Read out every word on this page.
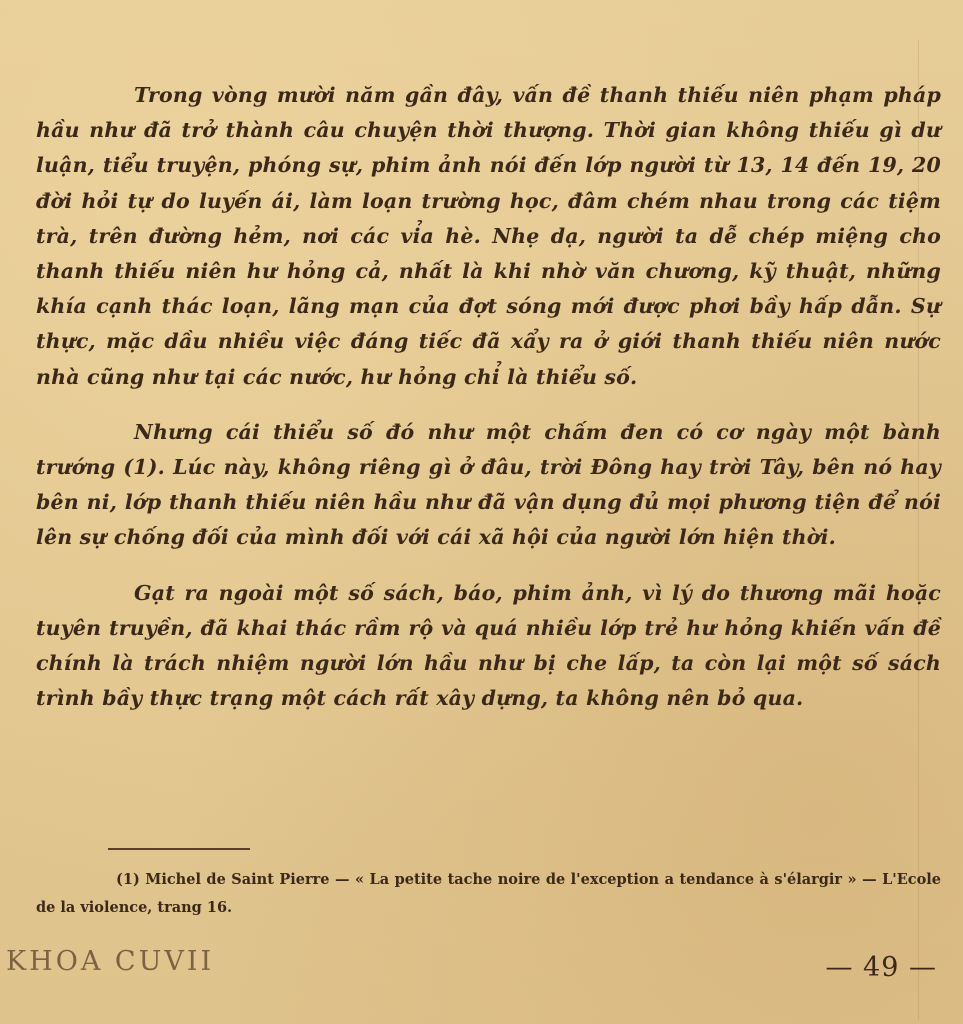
Trong vòng mười năm gần đây, vấn đề thanh thiếu niên phạm pháp hầu như đã trở thành câu chuyện thời thượng. Thời gian không thiếu gì dư luận, tiểu truyện, phóng sự, phim ảnh nói đến lớp người từ 13, 14 đến 19, 20 đời hỏi tự do luyến ái, làm loạn trường học, đâm chém nhau trong các tiệm trà, trên đường hẻm, nơi các vỉa hè. Nhẹ dạ, người ta dễ chép miệng cho thanh thiếu niên hư hỏng cả, nhất là khi nhờ văn chương, kỹ thuật, những khía cạnh thác loạn, lãng mạn của đợt sóng mới được phơi bầy hấp dẫn. Sự thực, mặc dầu nhiều việc đáng tiếc đã xẩy ra ở giới thanh thiếu niên nước nhà cũng như tại các nước, hư hỏng chỉ là thiểu số.

Nhưng cái thiểu số đó như một chấm đen có cơ ngày một bành trướng (1). Lúc này, không riêng gì ở đâu, trời Đông hay trời Tây, bên nó hay bên ni, lớp thanh thiếu niên hầu như đã vận dụng đủ mọi phương tiện để nói lên sự chống đối của mình đối với cái xã hội của người lớn hiện thời.

Gạt ra ngoài một số sách, báo, phim ảnh, vì lý do thương mãi hoặc tuyên truyền, đã khai thác rầm rộ và quá nhiều lớp trẻ hư hỏng khiến vấn đề chính là trách nhiệm người lớn hầu như bị che lấp, ta còn lại một số sách trình bầy thực trạng một cách rất xây dựng, ta không nên bỏ qua.

(1) Michel de Saint Pierre — « La petite tache noire de l'exception a tendance à s'élargir » — L'Ecole de la violence, trang 16.

KHOA CUVII	— 49 —
